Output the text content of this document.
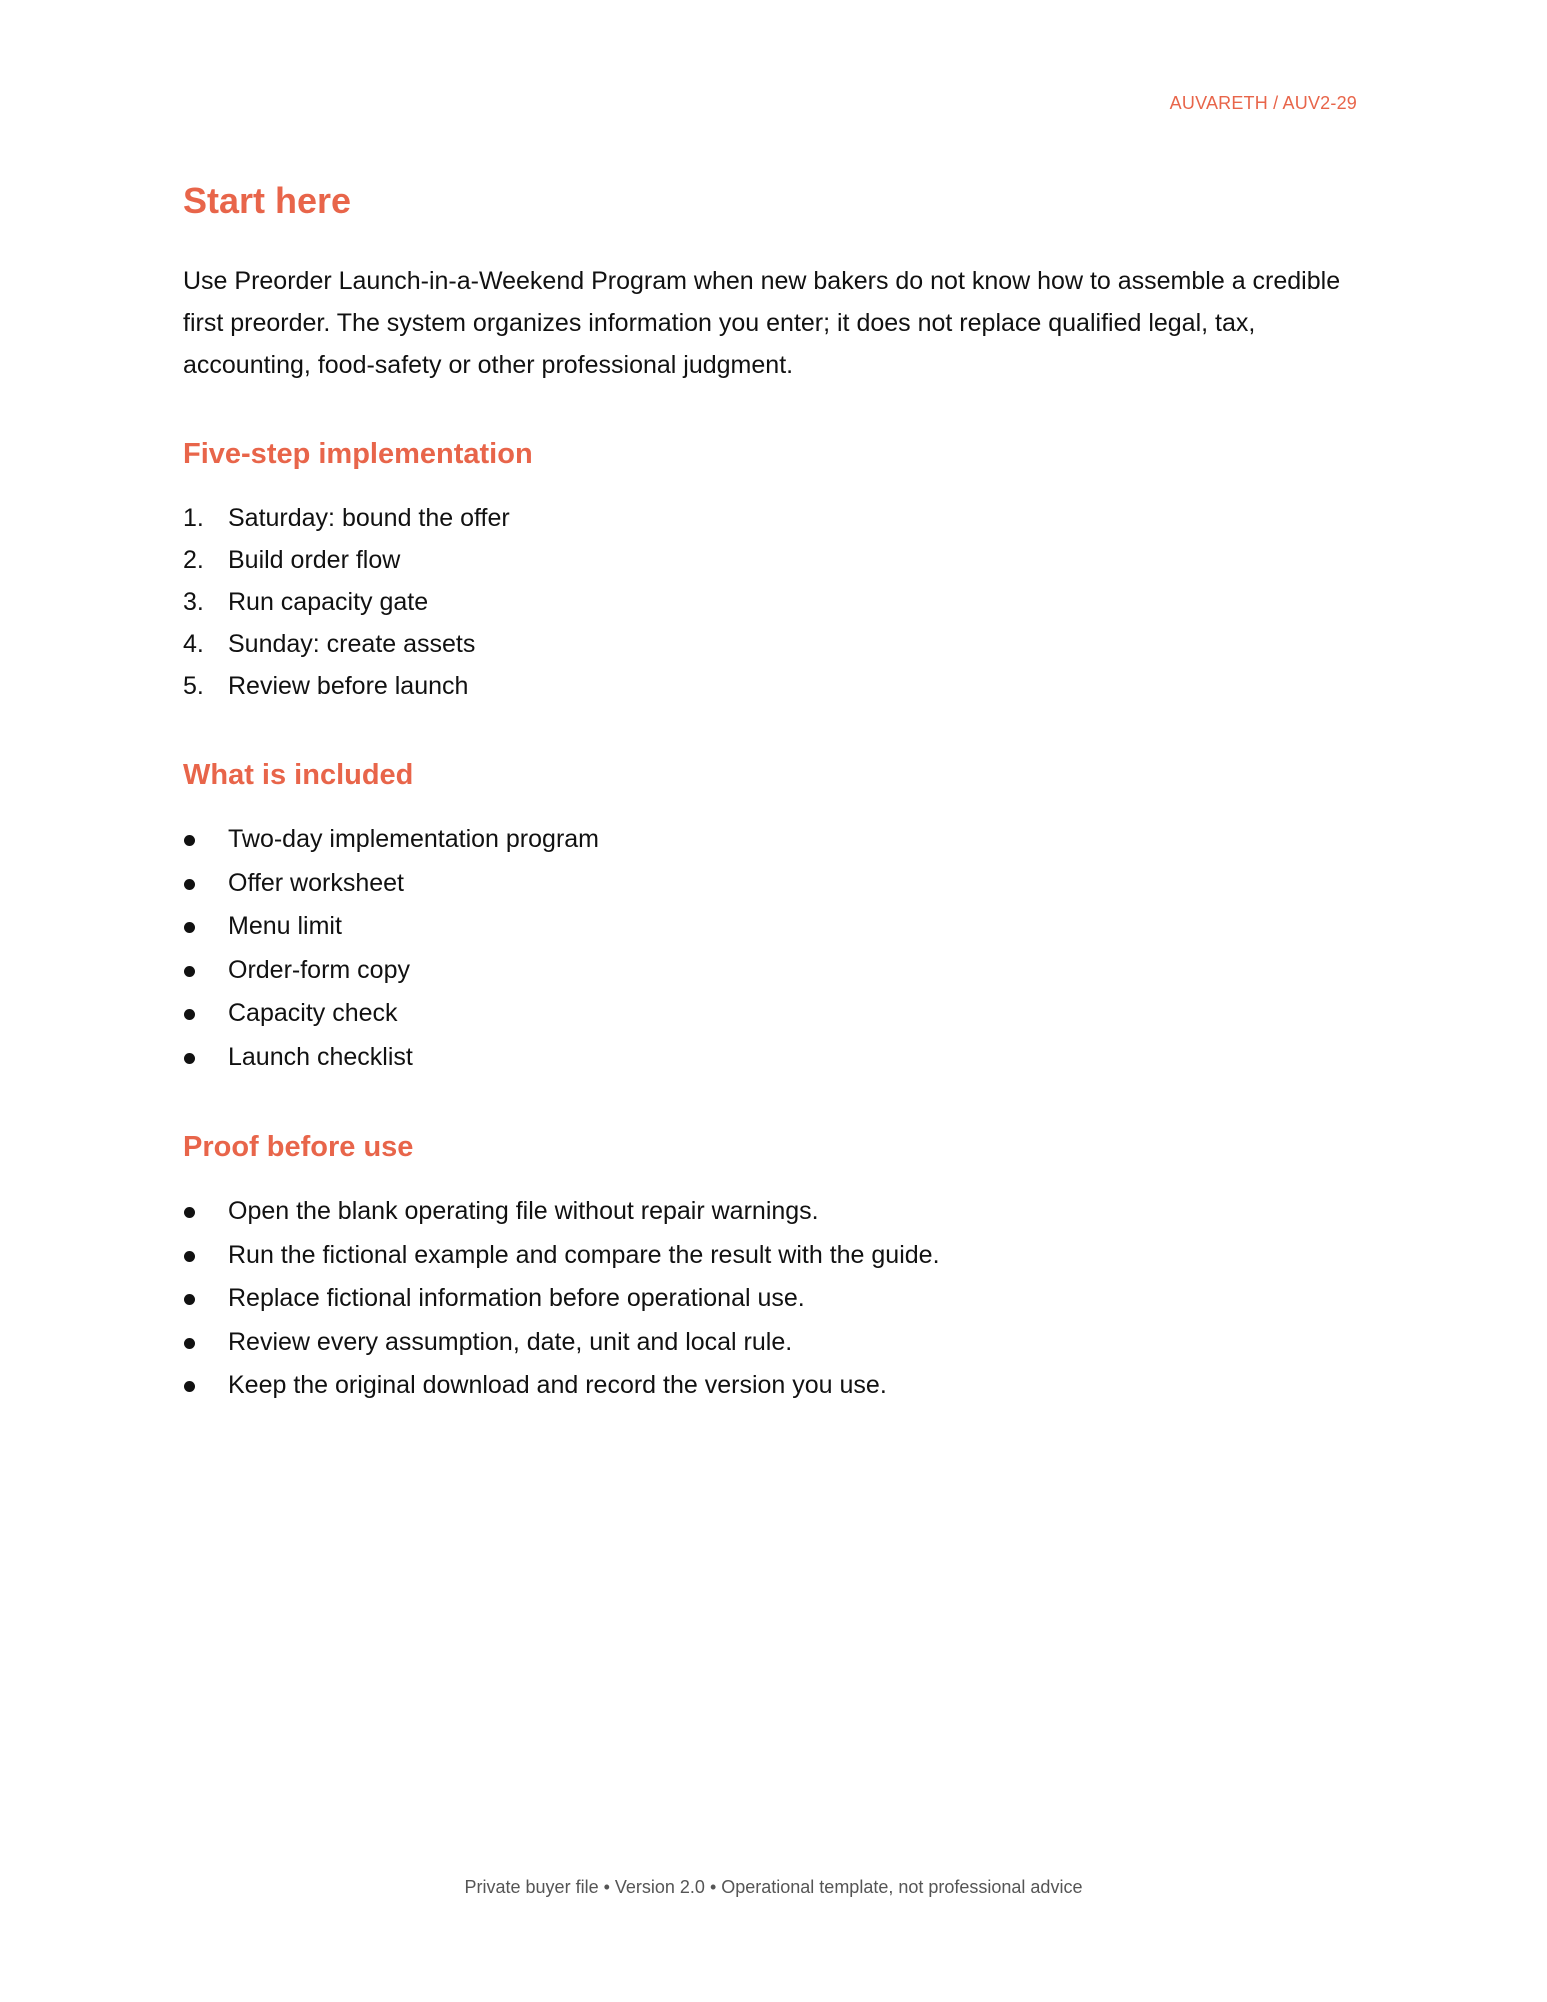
AUVARETH / AUV2-29
Start here

Use Preorder Launch-in-a-Weekend Program when new bakers do not know how to assemble a credible first preorder. The system organizes information you enter; it does not replace qualified legal, tax, accounting, food-safety or other professional judgment.

Five-step implementation
1. Saturday: bound the offer
2. Build order flow
3. Run capacity gate
4. Sunday: create assets
5. Review before launch
What is included
Two-day implementation program
Offer worksheet
Menu limit
Order-form copy
Capacity check
Launch checklist
Proof before use
Open the blank operating file without repair warnings.
Run the fictional example and compare the result with the guide.
Replace fictional information before operational use.
Review every assumption, date, unit and local rule.
Keep the original download and record the version you use.
Private buyer file • Version 2.0 • Operational template, not professional advice
